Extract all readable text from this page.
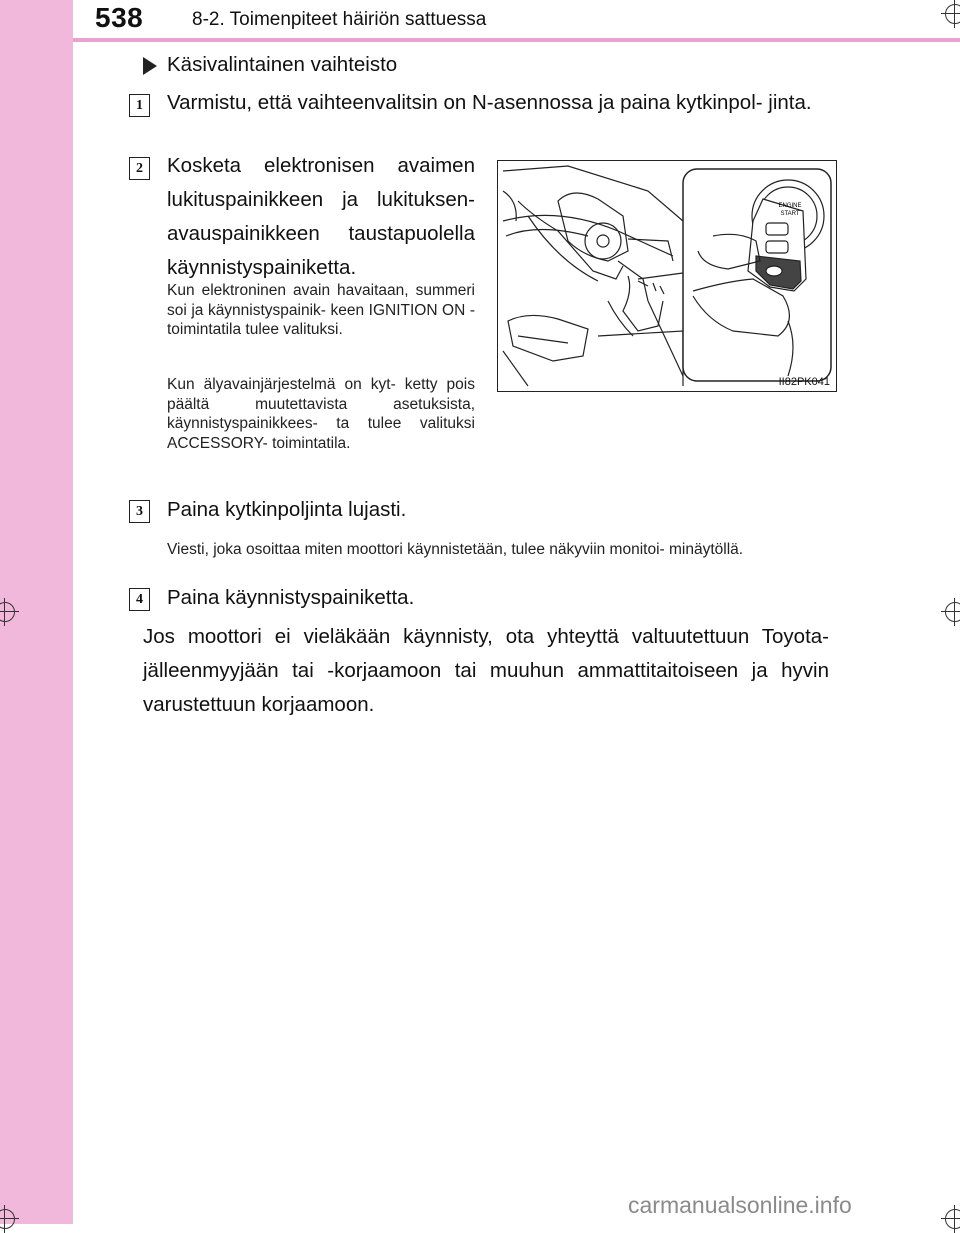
538	8-2. Toimenpiteet häiriön sattuessa
Käsivalintainen vaihteisto
1	Varmistu, että vaihteenvalitsin on N-asennossa ja paina kytkinpol- jinta.
2	Kosketa elektronisen avaimen lukituspainikkeen ja lukituksen- avauspainikkeen taustapuolella käynnistyspainiketta.
Kun elektroninen avain havaitaan, summeri soi ja käynnistyspainik- keen IGNITION ON -toimintatila tulee valituksi.
Kun älyavainjärjestelmä on kyt- ketty pois päältä muutettavista asetuksista, käynnistyspainikkees- ta tulee valituksi ACCESSORY- toimintatila.
ENGINE
START
II82PK041
3	Paina kytkinpoljinta lujasti.
Viesti, joka osoittaa miten moottori käynnistetään, tulee näkyviin monitoi- minäytöllä.
4	Paina käynnistyspainiketta.
Jos moottori ei vieläkään käynnisty, ota yhteyttä valtuutettuun Toyota-jälleenmyyjään tai -korjaamoon tai muuhun ammattitaitoiseen ja hyvin varustettuun korjaamoon.
carmanualsonline.info
